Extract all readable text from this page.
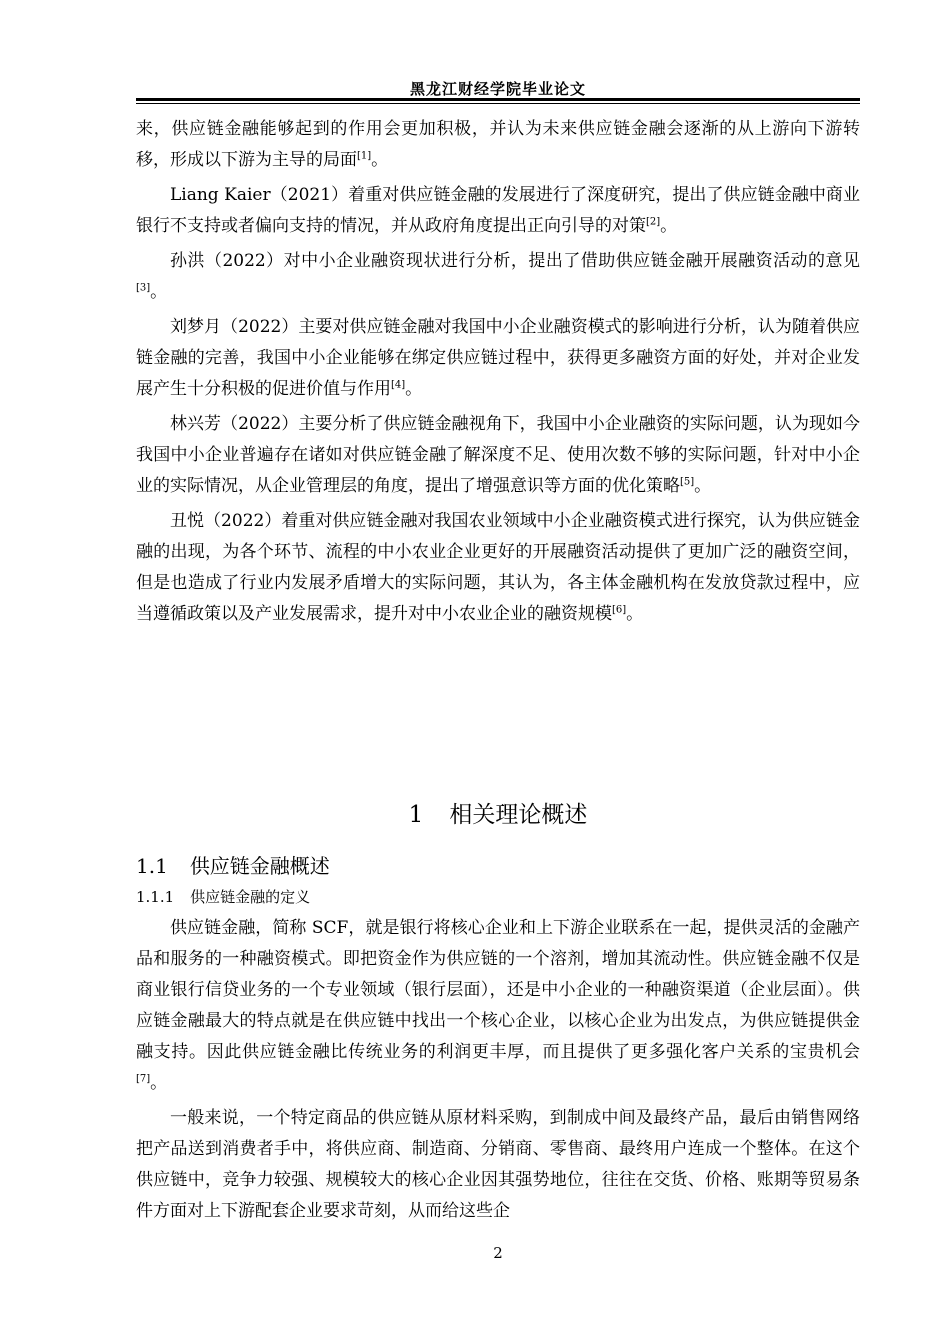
黑龙江财经学院毕业论文

来，供应链金融能够起到的作用会更加积极，并认为未来供应链金融会逐渐的从上游向下游转移，形成以下游为主导的局面[1]。

Liang Kaier（2021）着重对供应链金融的发展进行了深度研究，提出了供应链金融中商业银行不支持或者偏向支持的情况，并从政府角度提出正向引导的对策[2]。

孙洪（2022）对中小企业融资现状进行分析，提出了借助供应链金融开展融资活动的意见[3]。

刘梦月（2022）主要对供应链金融对我国中小企业融资模式的影响进行分析，认为随着供应链金融的完善，我国中小企业能够在绑定供应链过程中，获得更多融资方面的好处，并对企业发展产生十分积极的促进价值与作用[4]。

林兴芳（2022）主要分析了供应链金融视角下，我国中小企业融资的实际问题，认为现如今我国中小企业普遍存在诸如对供应链金融了解深度不足、使用次数不够的实际问题，针对中小企业的实际情况，从企业管理层的角度，提出了增强意识等方面的优化策略[5]。

丑悦（2022）着重对供应链金融对我国农业领域中小企业融资模式进行探究，认为供应链金融的出现，为各个环节、流程的中小农业企业更好的开展融资活动提供了更加广泛的融资空间，但是也造成了行业内发展矛盾增大的实际问题，其认为，各主体金融机构在发放贷款过程中，应当遵循政策以及产业发展需求，提升对中小农业企业的融资规模[6]。

1 相关理论概述
1.1 供应链金融概述
1.1.1 供应链金融的定义

供应链金融，简称 SCF，就是银行将核心企业和上下游企业联系在一起，提供灵活的金融产品和服务的一种融资模式。即把资金作为供应链的一个溶剂，增加其流动性。供应链金融不仅是商业银行信贷业务的一个专业领域（银行层面），还是中小企业的一种融资渠道（企业层面）。供应链金融最大的特点就是在供应链中找出一个核心企业，以核心企业为出发点，为供应链提供金融支持。因此供应链金融比传统业务的利润更丰厚，而且提供了更多强化客户关系的宝贵机会[7]。

一般来说，一个特定商品的供应链从原材料采购，到制成中间及最终产品，最后由销售网络把产品送到消费者手中，将供应商、制造商、分销商、零售商、最终用户连成一个整体。在这个供应链中，竞争力较强、规模较大的核心企业因其强势地位，往往在交货、价格、账期等贸易条件方面对上下游配套企业要求苛刻，从而给这些企

2
